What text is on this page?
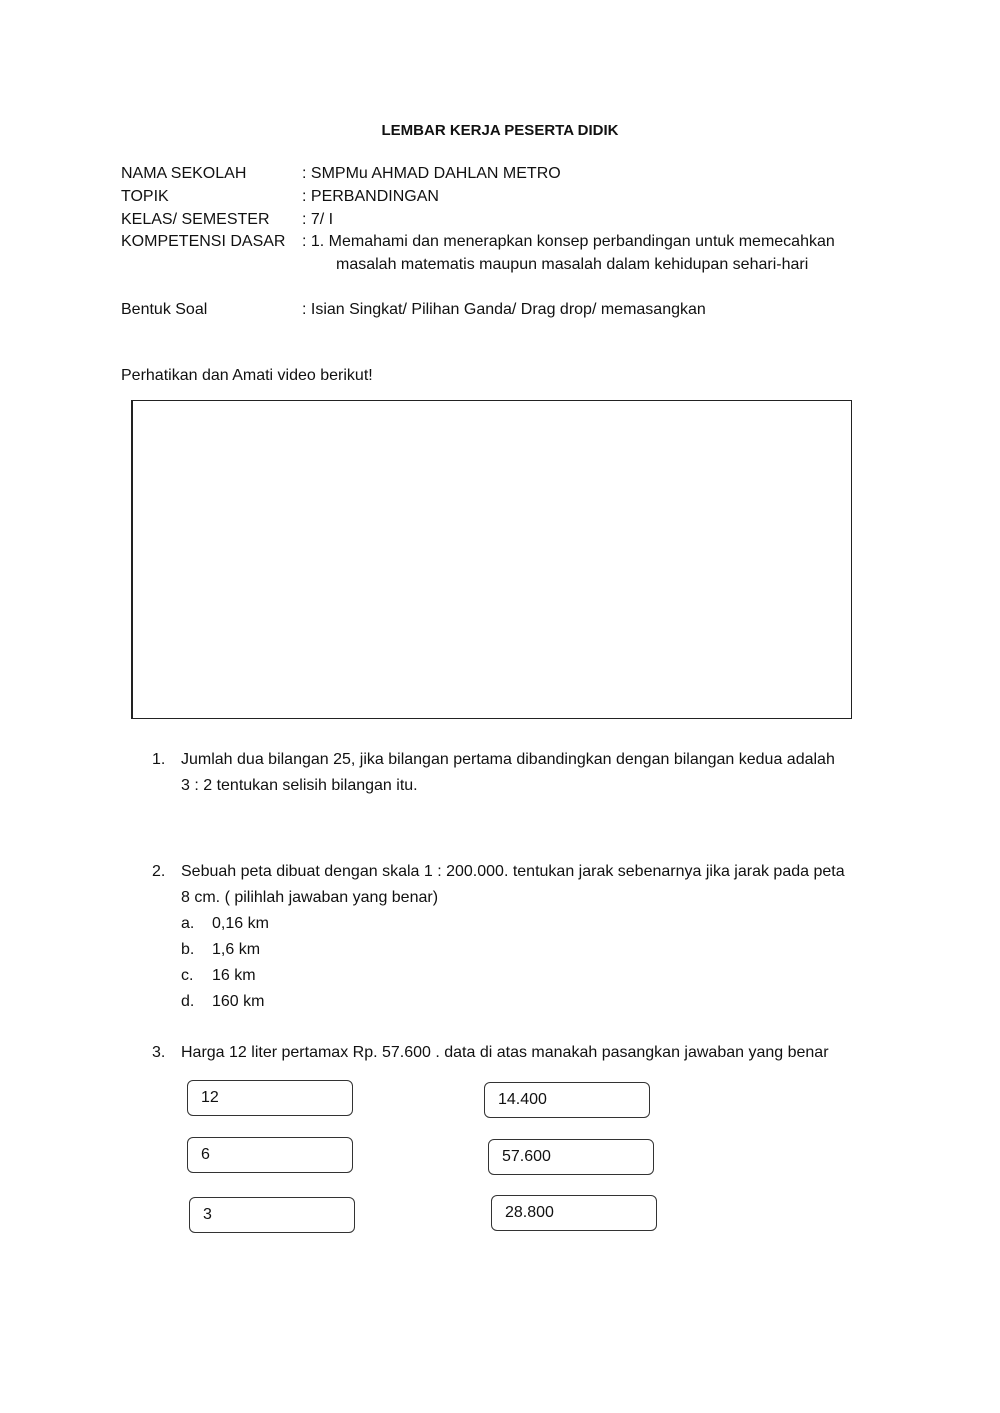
LEMBAR KERJA PESERTA DIDIK
NAMA SEKOLAH	: SMPMu AHMAD DAHLAN METRO
TOPIK	: PERBANDINGAN
KELAS/ SEMESTER : 7/ I
KOMPETENSI DASAR : 1. Memahami dan menerapkan konsep perbandingan untuk memecahkan
masalah matematis maupun masalah dalam kehidupan sehari-hari
Bentuk Soal	: Isian Singkat/ Pilihan Ganda/ Drag drop/ memasangkan
Perhatikan dan Amati video berikut!
1. Jumlah dua bilangan 25, jika bilangan pertama dibandingkan dengan bilangan kedua adalah
3 : 2 tentukan selisih bilangan itu.
2. Sebuah peta dibuat dengan skala 1 : 200.000. tentukan jarak sebenarnya jika jarak pada peta
8 cm. ( pilihlah jawaban yang benar)
a. 0,16 km
b. 1,6 km
c. 16 km
d. 160 km
3. Harga 12 liter pertamax Rp. 57.600 . data di atas manakah pasangkan jawaban yang benar
12
6
3
14.400
57.600
28.800
